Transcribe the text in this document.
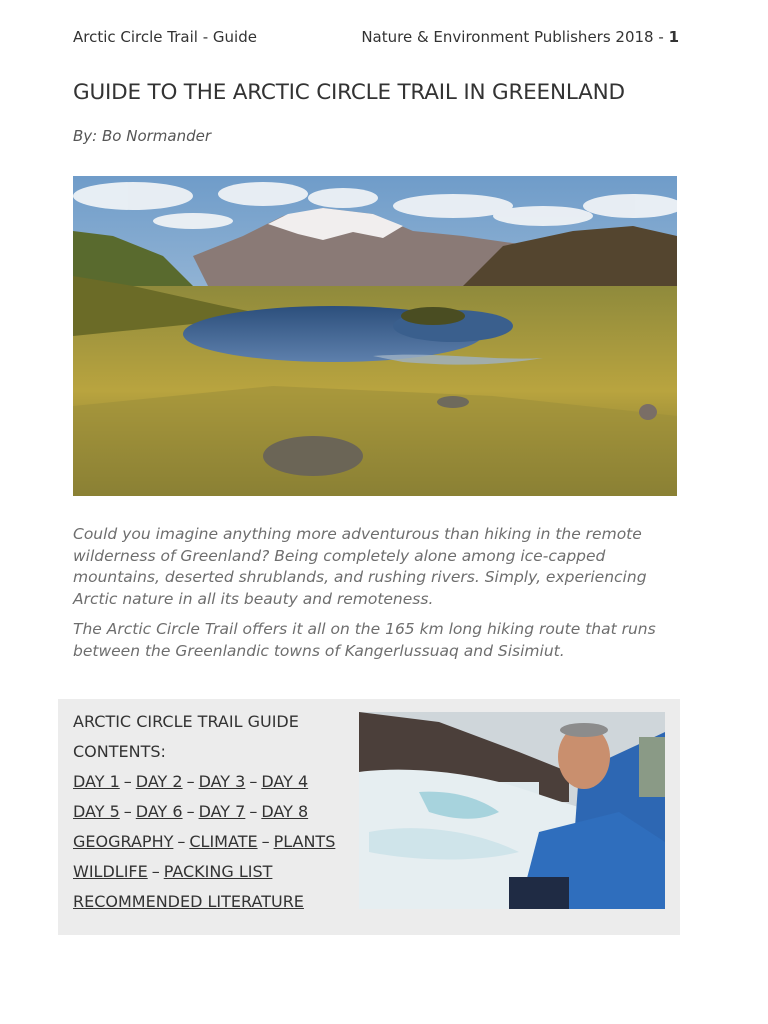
Arctic Circle Trail - Guide	Nature & Environment Publishers 2018 - 1
GUIDE TO THE ARCTIC CIRCLE TRAIL IN GREENLAND
By: Bo Normander

Could you imagine anything more adventurous than hiking in the remote wilderness of Greenland? Being completely alone among ice-capped mountains, deserted shrublands, and rushing rivers. Simply, experiencing Arctic nature in all its beauty and remoteness.

The Arctic Circle Trail offers it all on the 165 km long hiking route that runs between the Greenlandic towns of Kangerlussuaq and Sisimiut.

ARCTIC CIRCLE TRAIL GUIDE
CONTENTS:
DAY 1 – DAY 2 – DAY 3 – DAY 4
DAY 5 – DAY 6 – DAY 7 – DAY 8
GEOGRAPHY – CLIMATE – PLANTS
WILDLIFE – PACKING LIST
RECOMMENDED LITERATURE
